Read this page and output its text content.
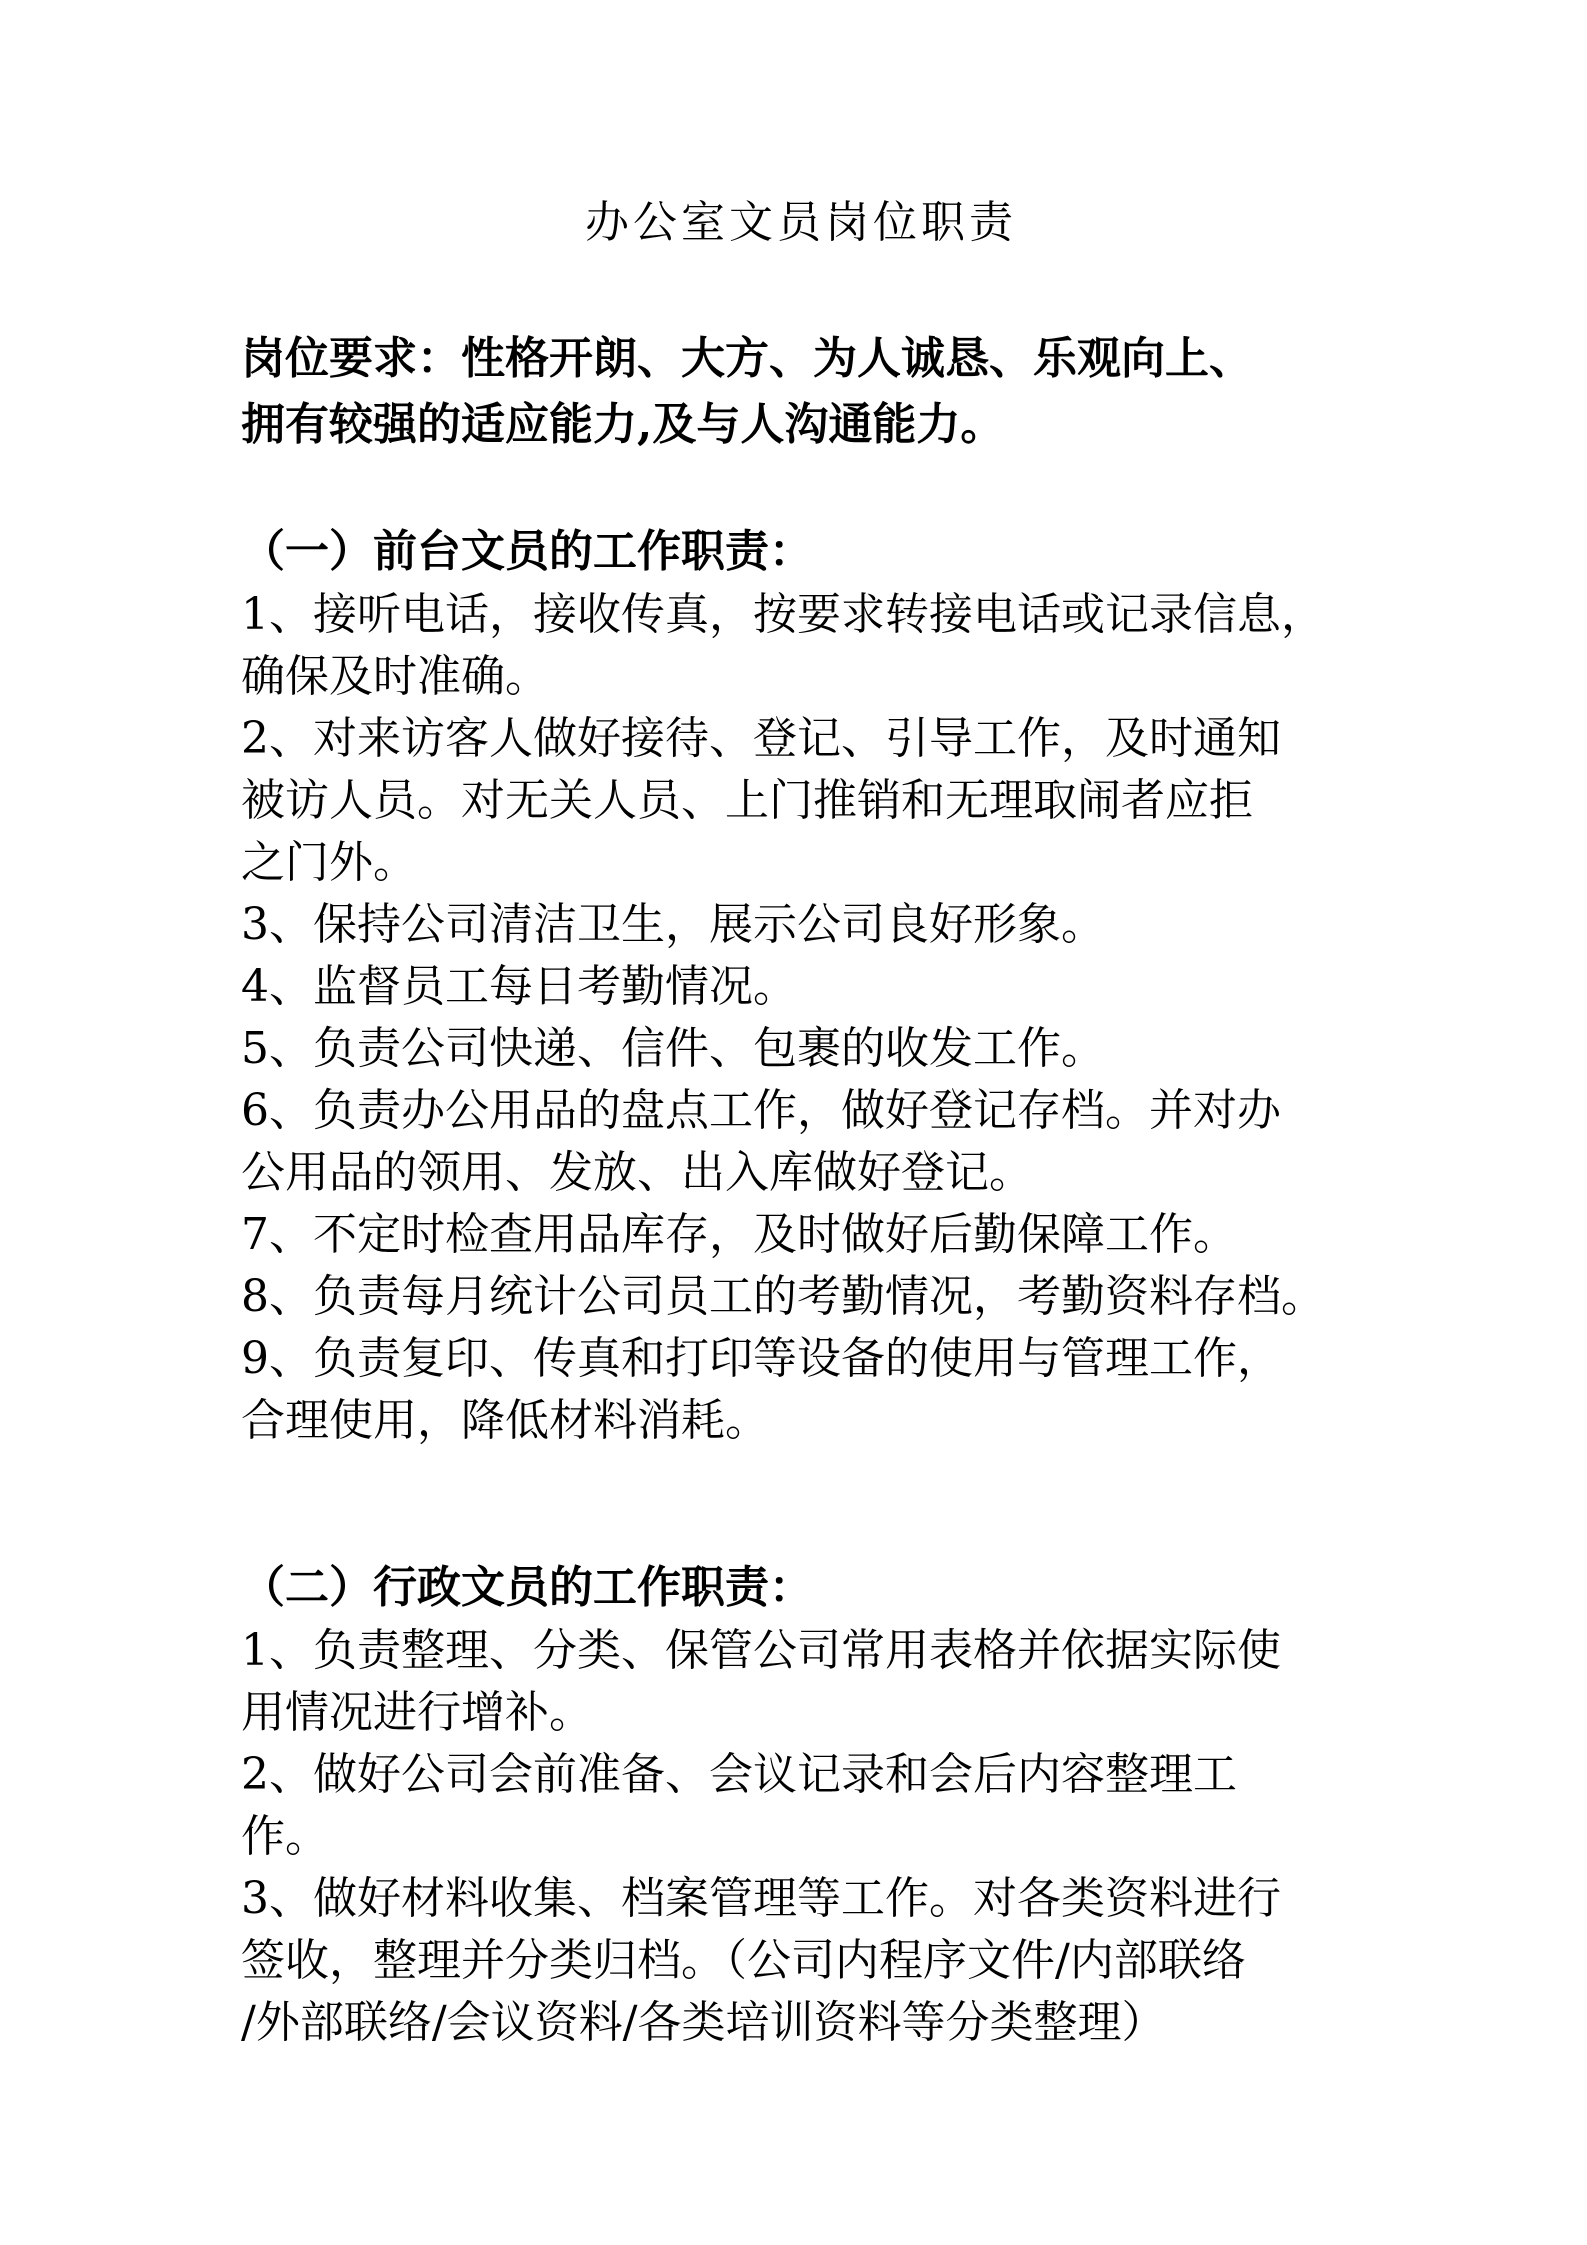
办公室文员岗位职责
岗位要求：性格开朗、大方、为人诚恳、乐观向上、
拥有较强的适应能力,及与人沟通能力。
（一）前台文员的工作职责：
1、接听电话，接收传真，按要求转接电话或记录信息，
确保及时准确。
2、对来访客人做好接待、登记、引导工作，及时通知
被访人员。对无关人员、上门推销和无理取闹者应拒
之门外。
3、保持公司清洁卫生，展示公司良好形象。
4、监督员工每日考勤情况。
5、负责公司快递、信件、包裹的收发工作。
6、负责办公用品的盘点工作，做好登记存档。并对办
公用品的领用、发放、出入库做好登记。
7、不定时检查用品库存，及时做好后勤保障工作。
8、负责每月统计公司员工的考勤情况，考勤资料存档。
9、负责复印、传真和打印等设备的使用与管理工作，
合理使用，降低材料消耗。
（二）行政文员的工作职责：
1、负责整理、分类、保管公司常用表格并依据实际使
用情况进行增补。
2、做好公司会前准备、会议记录和会后内容整理工
作。
3、做好材料收集、档案管理等工作。对各类资料进行
签收，整理并分类归档。（公司内程序文件/内部联络
/外部联络/会议资料/各类培训资料等分类整理）
